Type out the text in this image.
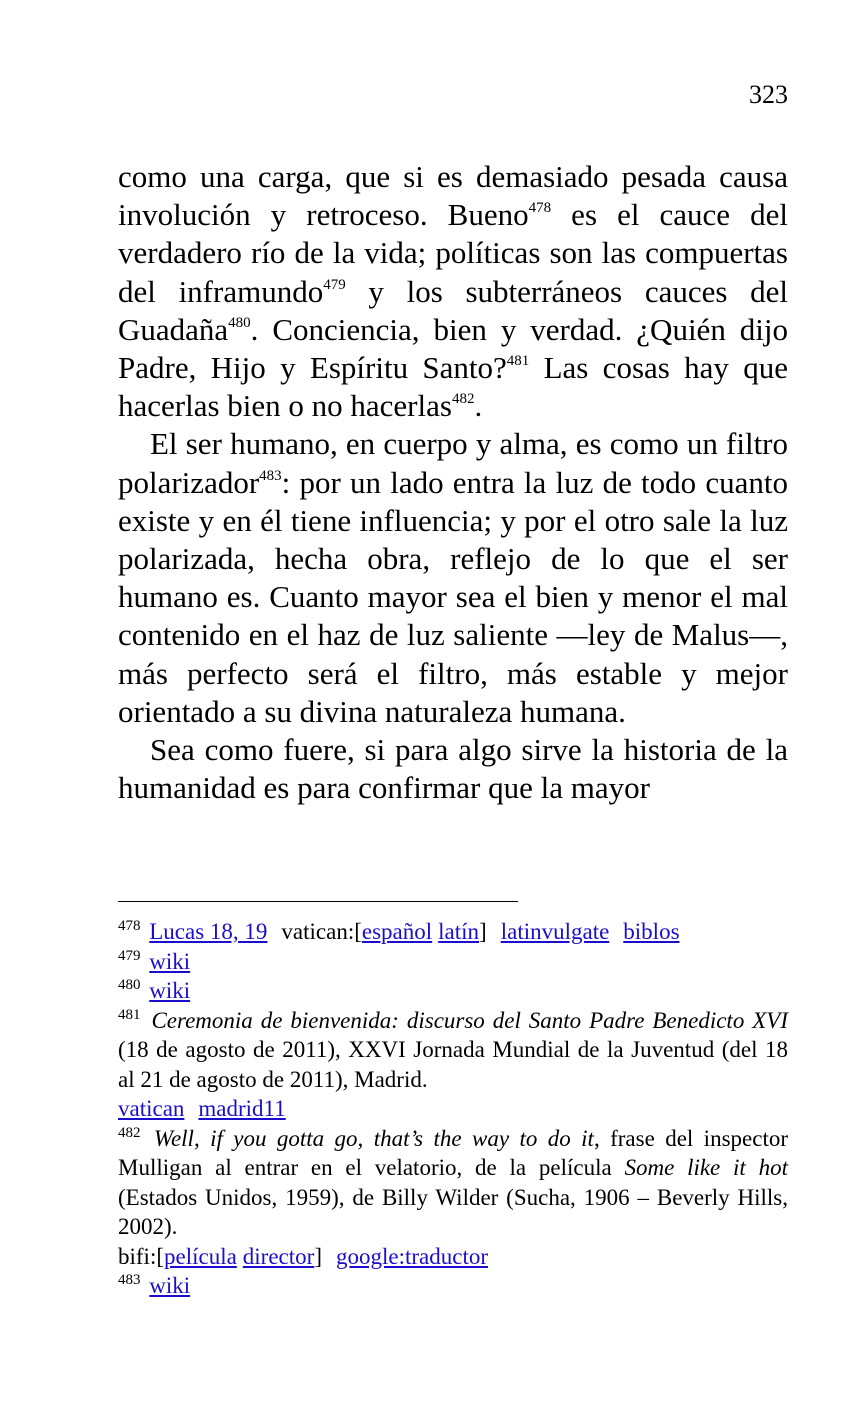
323

como una carga, que si es demasiado pesada causa involución y retroceso. Bueno$^{478}$ es el cauce del verdadero río de la vida; políticas son las compuertas del inframundo$^{479}$ y los subterráneos cauces del Guadaña$^{480}$. Conciencia, bien y verdad. ¿Quién dijo Padre, Hijo y Espíritu Santo?$^{481}$ Las cosas hay que hacerlas bien o no hacerlas$^{482}$.

El ser humano, en cuerpo y alma, es como un filtro polarizador$^{483}$: por un lado entra la luz de todo cuanto existe y en él tiene influencia; y por el otro sale la luz polarizada, hecha obra, reflejo de lo que el ser humano es. Cuanto mayor sea el bien y menor el mal contenido en el haz de luz saliente ―ley de Malus―, más perfecto será el filtro, más estable y mejor orientado a su divina naturaleza humana.

Sea como fuere, si para algo sirve la historia de la humanidad es para confirmar que la mayor

$^{478}$ Lucas 18, 19 vatican:[español latín] latinvulgate biblos
$^{479}$ wiki
$^{480}$ wiki
$^{481}$ Ceremonia de bienvenida: discurso del Santo Padre Benedicto XVI (18 de agosto de 2011), XXVI Jornada Mundial de la Juventud (del 18 al 21 de agosto de 2011), Madrid.
vatican madrid11
$^{482}$ Well, if you gotta go, that’s the way to do it, frase del inspector Mulligan al entrar en el velatorio, de la película Some like it hot (Estados Unidos, 1959), de Billy Wilder (Sucha, 1906 – Beverly Hills, 2002).
bifi:[película director] google:traductor
$^{483}$ wiki
